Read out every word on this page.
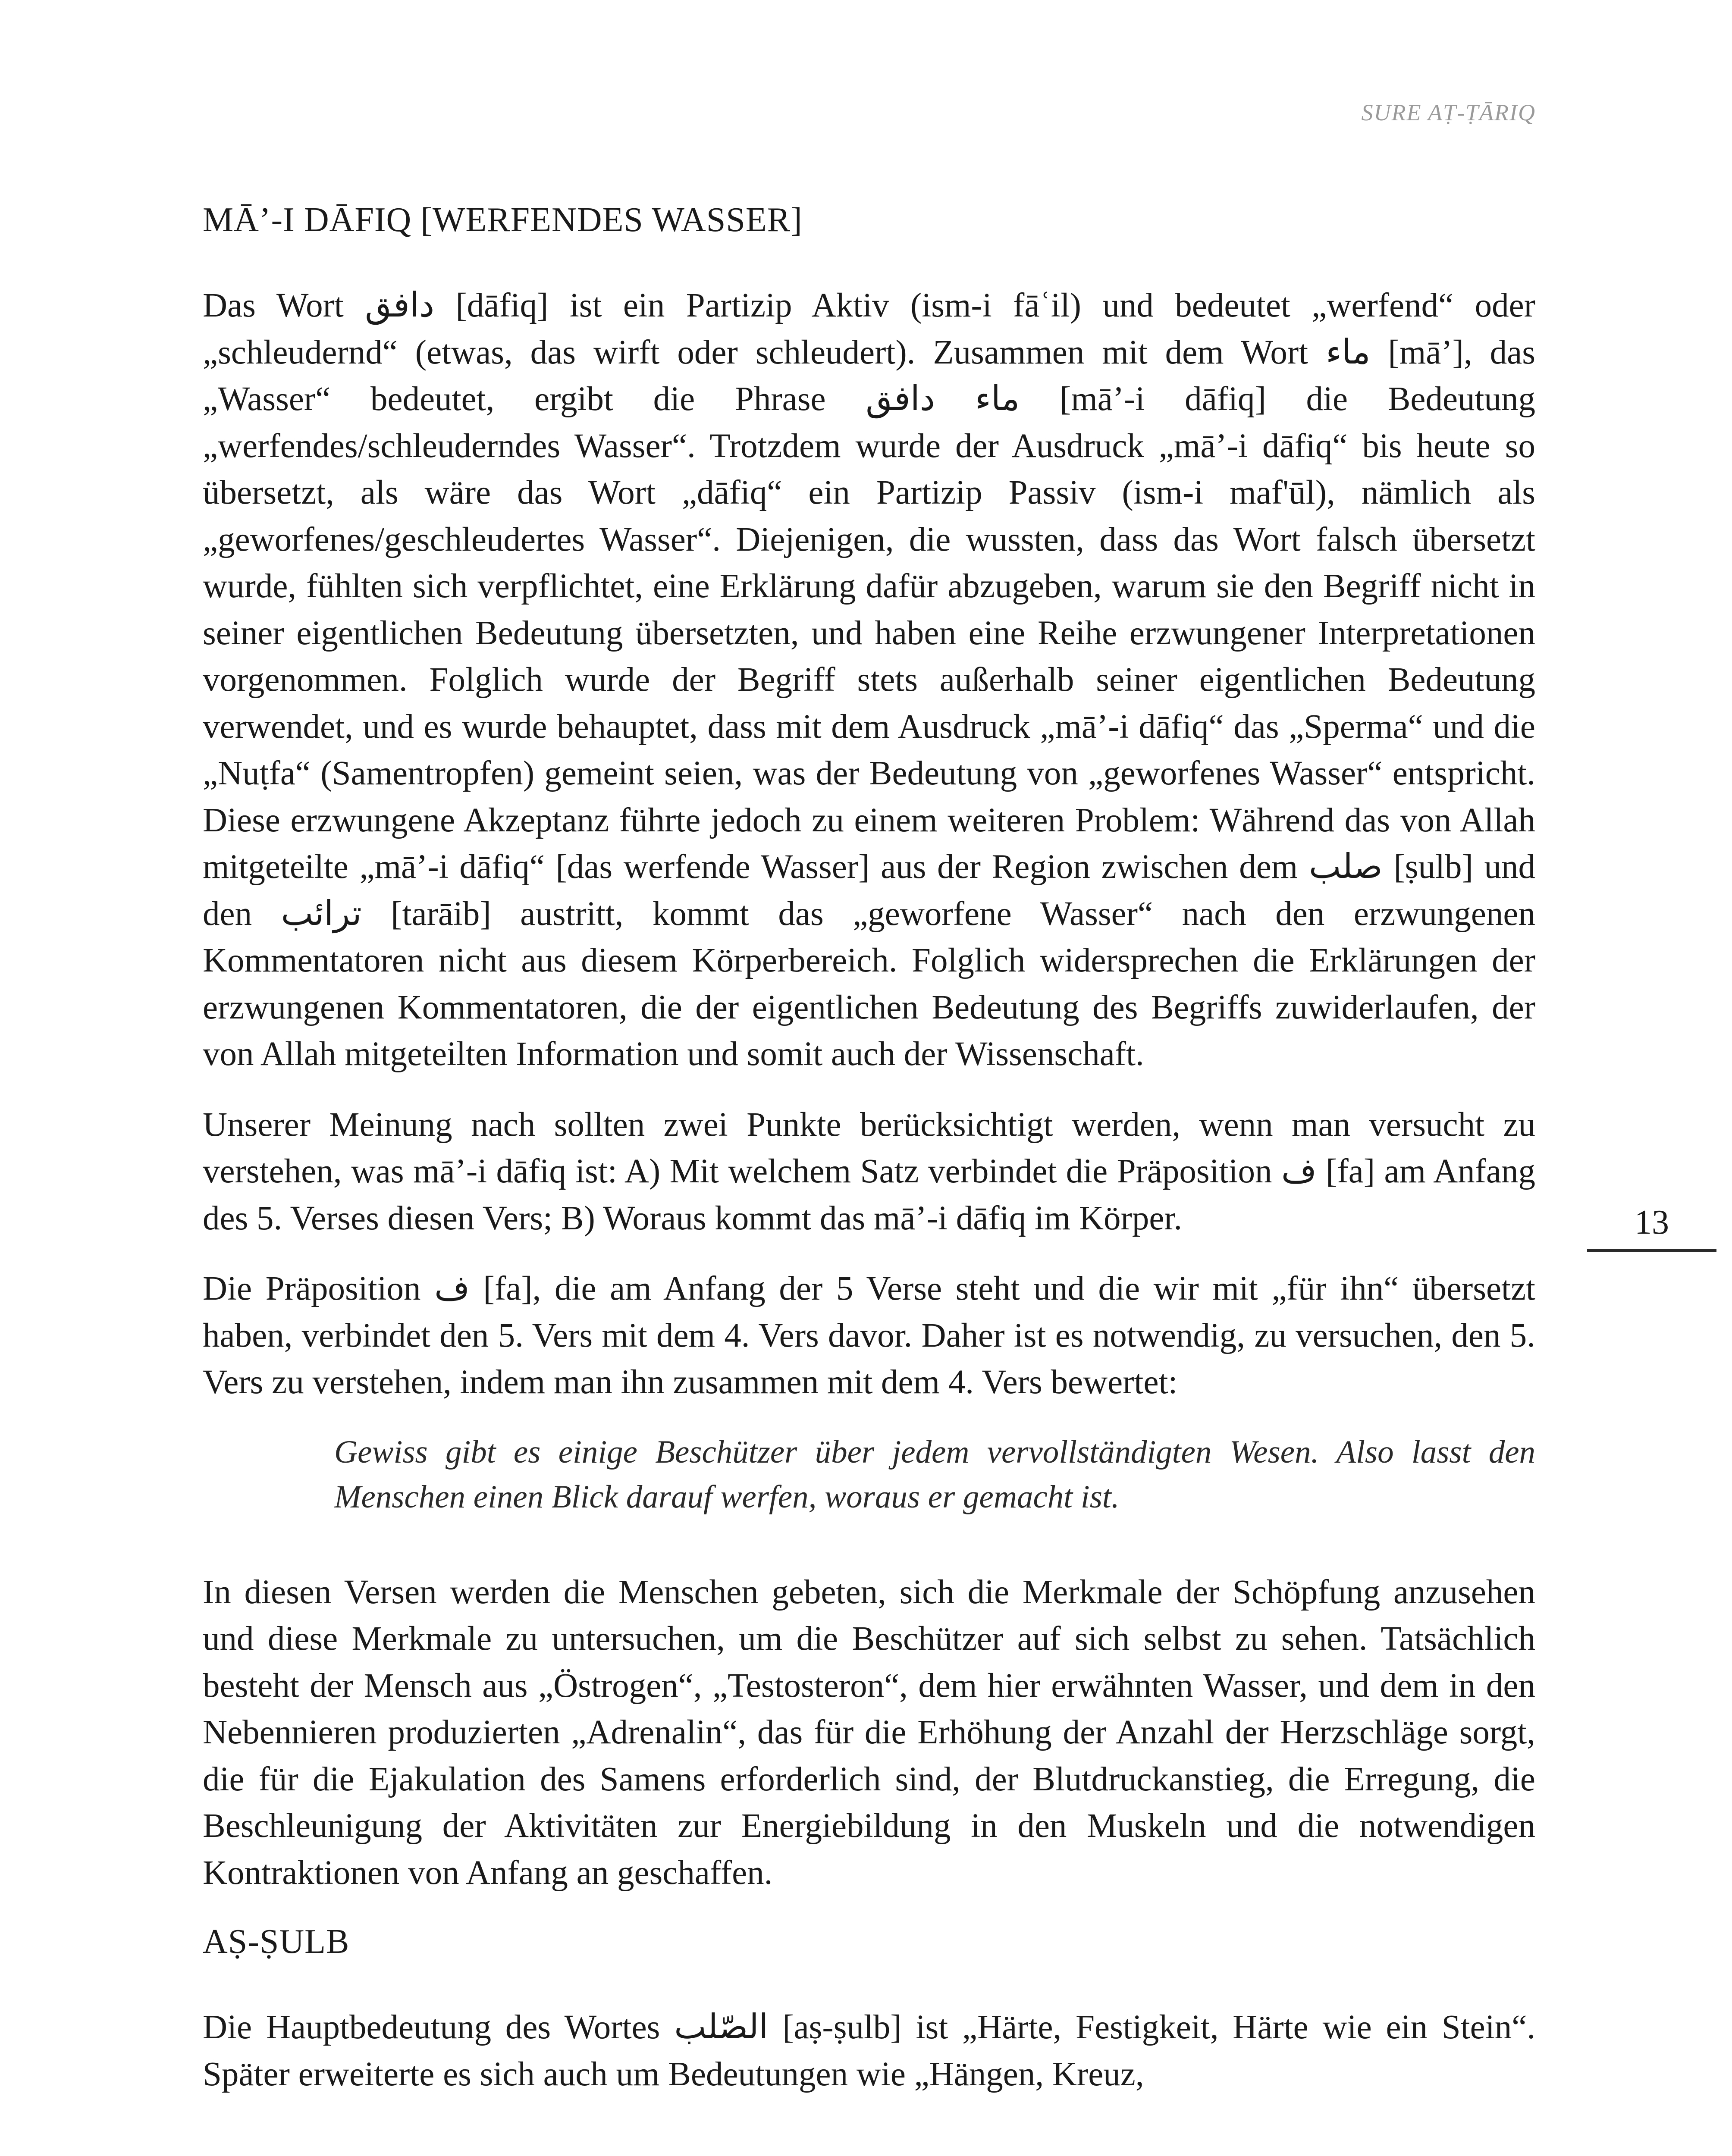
SURE AṬ-ṬĀRIQ
13
MĀ’-I DĀFIQ [WERFENDES WASSER]

Das Wort دافق [dāfiq] ist ein Partizip Aktiv (ism-i fāʿil) und bedeutet „werfend“ oder „schleudernd“ (etwas, das wirft oder schleudert). Zusammen mit dem Wort ماء [mā’], das „Wasser“ bedeutet, ergibt die Phrase ماء دافق [mā’-i dāfiq] die Bedeutung „werfendes/schleuderndes Wasser“. Trotzdem wurde der Ausdruck „mā’-i dāfiq“ bis heute so übersetzt, als wäre das Wort „dāfiq“ ein Partizip Passiv (ism-i maf'ūl), nämlich als „geworfenes/geschleudertes Wasser“. Diejenigen, die wussten, dass das Wort falsch übersetzt wurde, fühlten sich verpflichtet, eine Erklärung dafür abzugeben, warum sie den Begriff nicht in seiner eigentlichen Bedeutung übersetzten, und haben eine Reihe erzwungener Interpretationen vorgenommen. Folglich wurde der Begriff stets außerhalb seiner eigentlichen Bedeutung verwendet, und es wurde behauptet, dass mit dem Ausdruck „mā’-i dāfiq“ das „Sperma“ und die „Nuṭfa“ (Samentropfen) gemeint seien, was der Bedeutung von „geworfenes Wasser“ entspricht. Diese erzwungene Akzeptanz führte jedoch zu einem weiteren Problem: Während das von Allah mitgeteilte „mā’-i dāfiq“ [das werfende Wasser] aus der Region zwischen dem صلب [ṣulb] und den ترائب [tarāib] austritt, kommt das „geworfene Wasser“ nach den erzwungenen Kommentatoren nicht aus diesem Körperbereich. Folglich widersprechen die Erklärungen der erzwungenen Kommentatoren, die der eigentlichen Bedeutung des Begriffs zuwiderlaufen, der von Allah mitgeteilten Information und somit auch der Wissenschaft.

Unserer Meinung nach sollten zwei Punkte berücksichtigt werden, wenn man versucht zu verstehen, was mā’-i dāfiq ist: A) Mit welchem Satz verbindet die Präposition ف [fa] am Anfang des 5. Verses diesen Vers; B) Woraus kommt das mā’-i dāfiq im Körper.

Die Präposition ف [fa], die am Anfang der 5 Verse steht und die wir mit „für ihn“ übersetzt haben, verbindet den 5. Vers mit dem 4. Vers davor. Daher ist es notwendig, zu versuchen, den 5. Vers zu verstehen, indem man ihn zusammen mit dem 4. Vers bewertet:

Gewiss gibt es einige Beschützer über jedem vervollständigten Wesen. Also lasst den Menschen einen Blick darauf werfen, woraus er gemacht ist.

In diesen Versen werden die Menschen gebeten, sich die Merkmale der Schöpfung anzusehen und diese Merkmale zu untersuchen, um die Beschützer auf sich selbst zu sehen. Tatsächlich besteht der Mensch aus „Östrogen“, „Testosteron“, dem hier erwähnten Wasser, und dem in den Nebennieren produzierten „Adrenalin“, das für die Erhöhung der Anzahl der Herzschläge sorgt, die für die Ejakulation des Samens erforderlich sind, der Blutdruckanstieg, die Erregung, die Beschleunigung der Aktivitäten zur Energiebildung in den Muskeln und die notwendigen Kontraktionen von Anfang an geschaffen.

AṢ-ṢULB

Die Hauptbedeutung des Wortes الصّلب [aṣ-ṣulb] ist „Härte, Festigkeit, Härte wie ein Stein“. Später erweiterte es sich auch um Bedeutungen wie „Hängen, Kreuz,
